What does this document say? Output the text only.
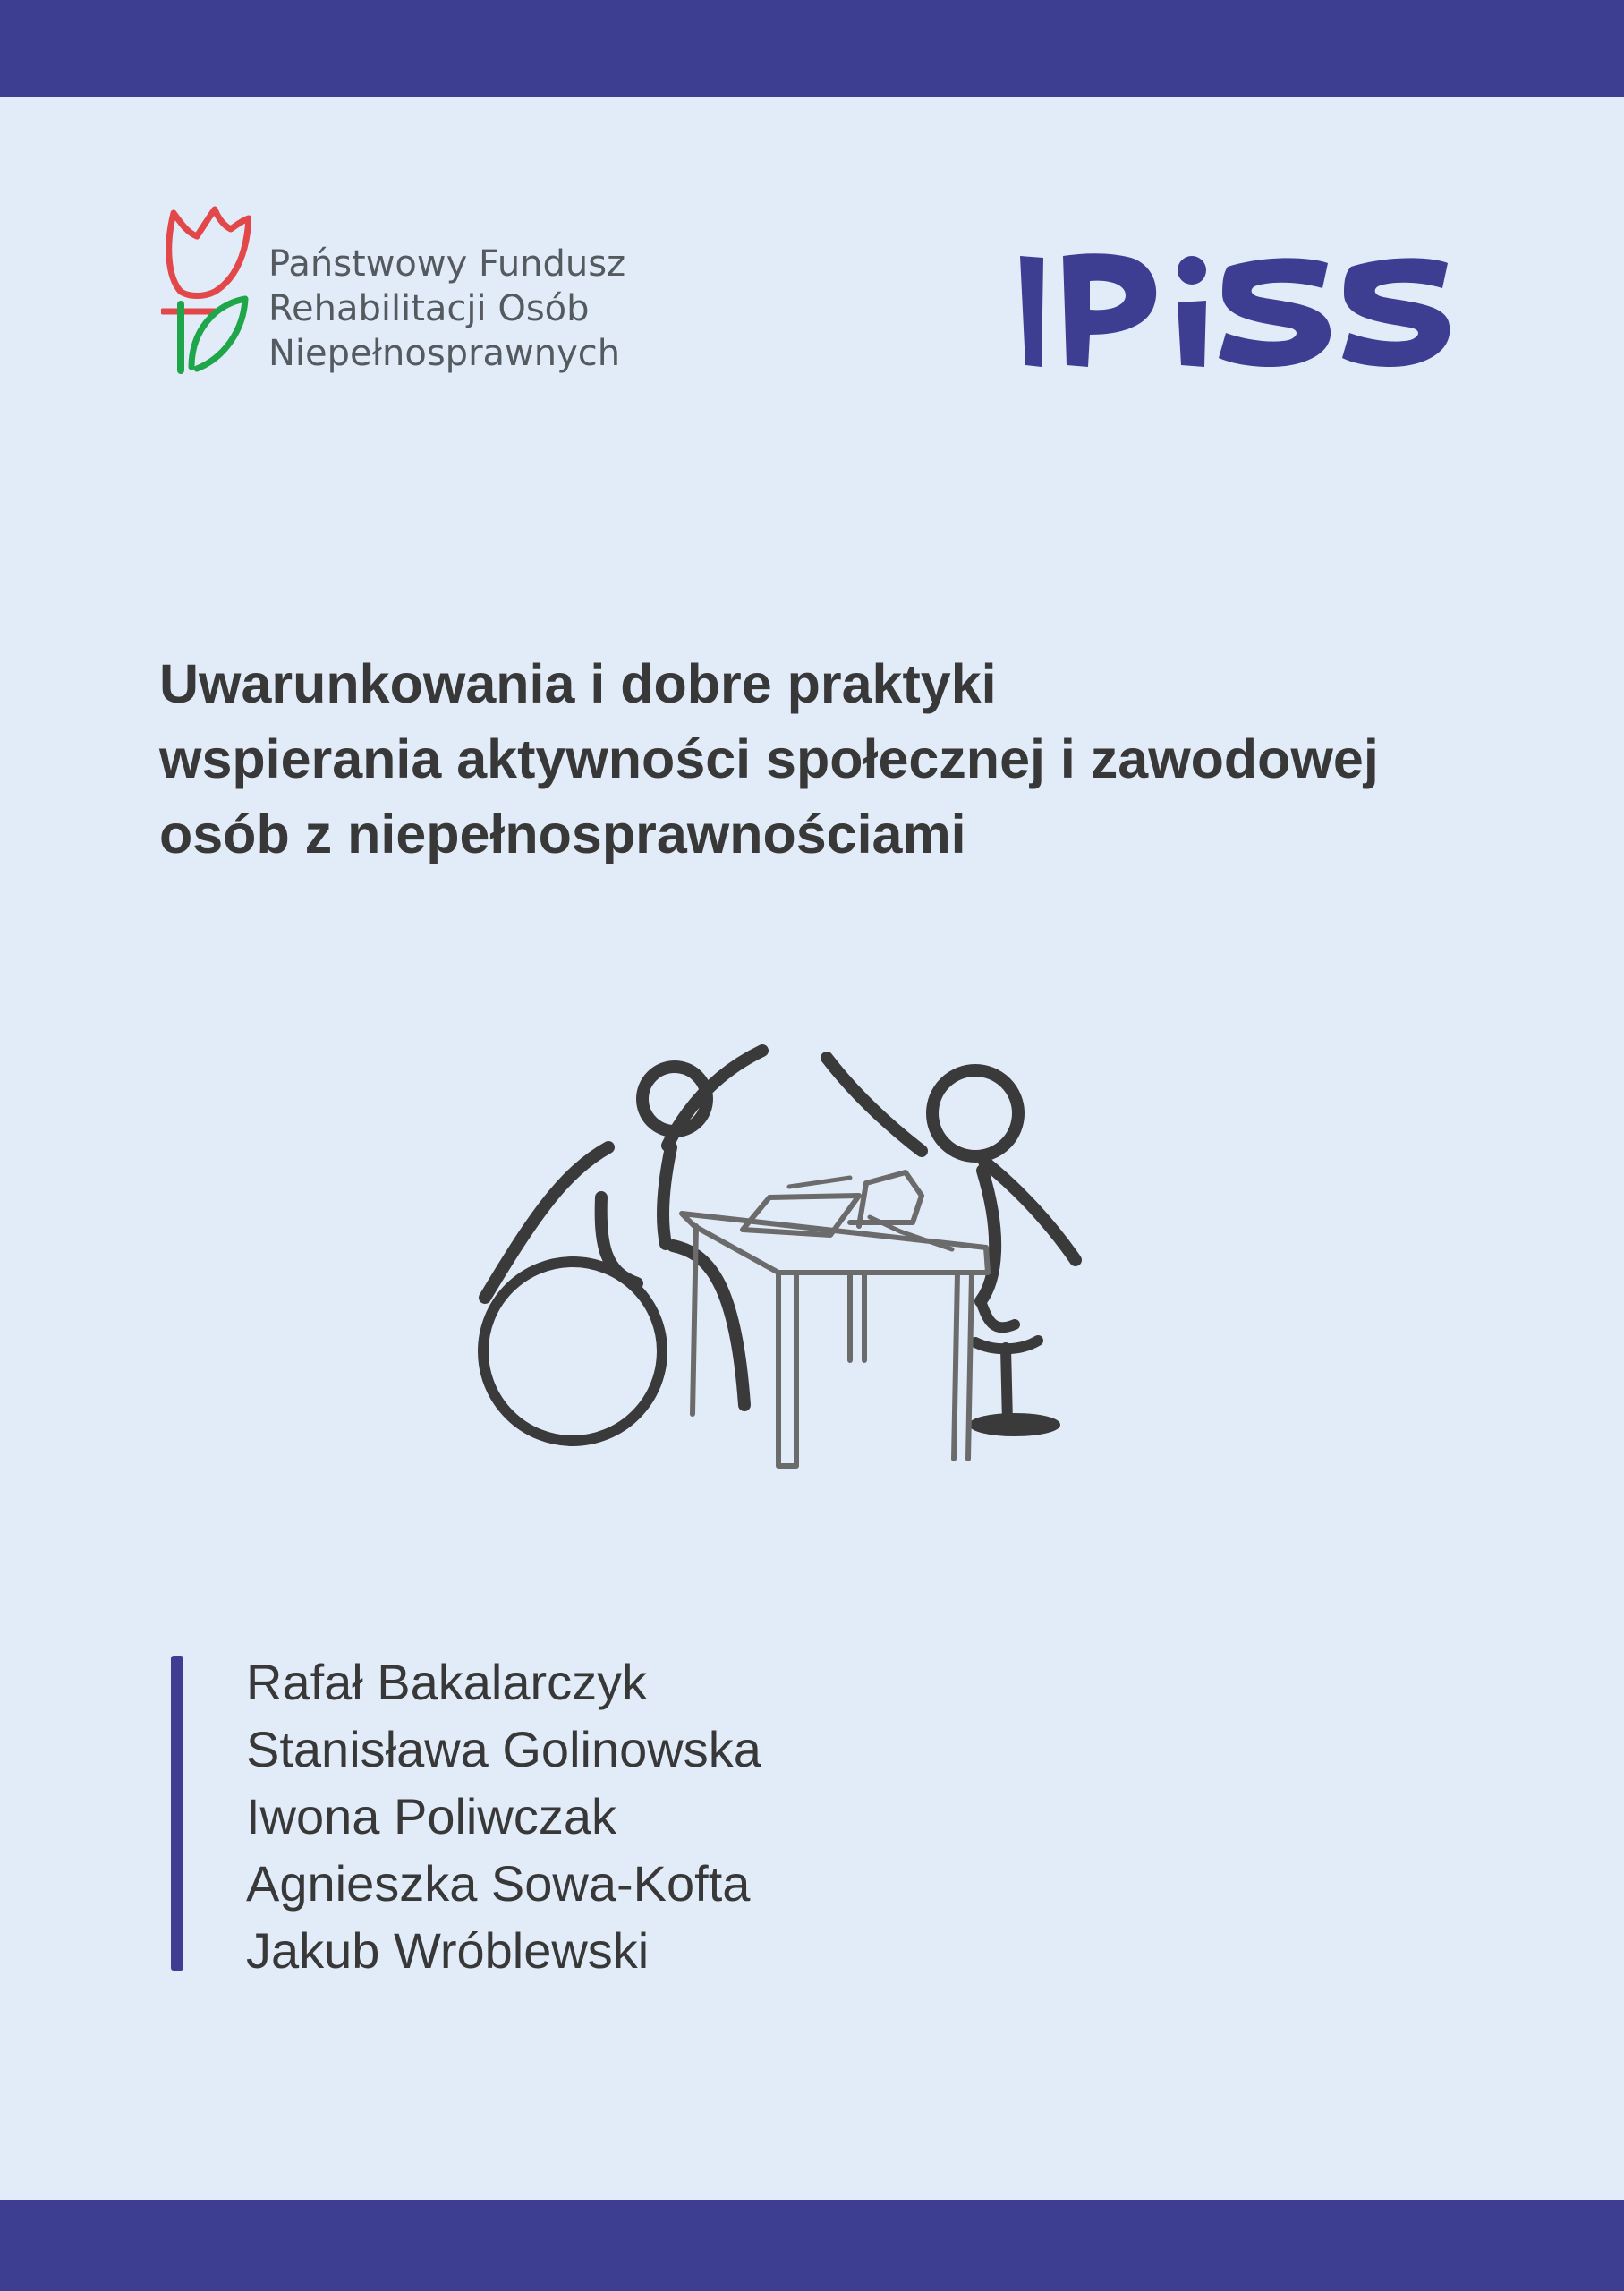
Państwowy Fundusz
Rehabilitacji Osób
Niepełnosprawnych
Uwarunkowania i dobre praktyki
wspierania aktywności społecznej i zawodowej
osób z niepełnosprawnościami
Rafał Bakalarczyk
Stanisława Golinowska
Iwona Poliwczak
Agnieszka Sowa-Kofta
Jakub Wróblewski
